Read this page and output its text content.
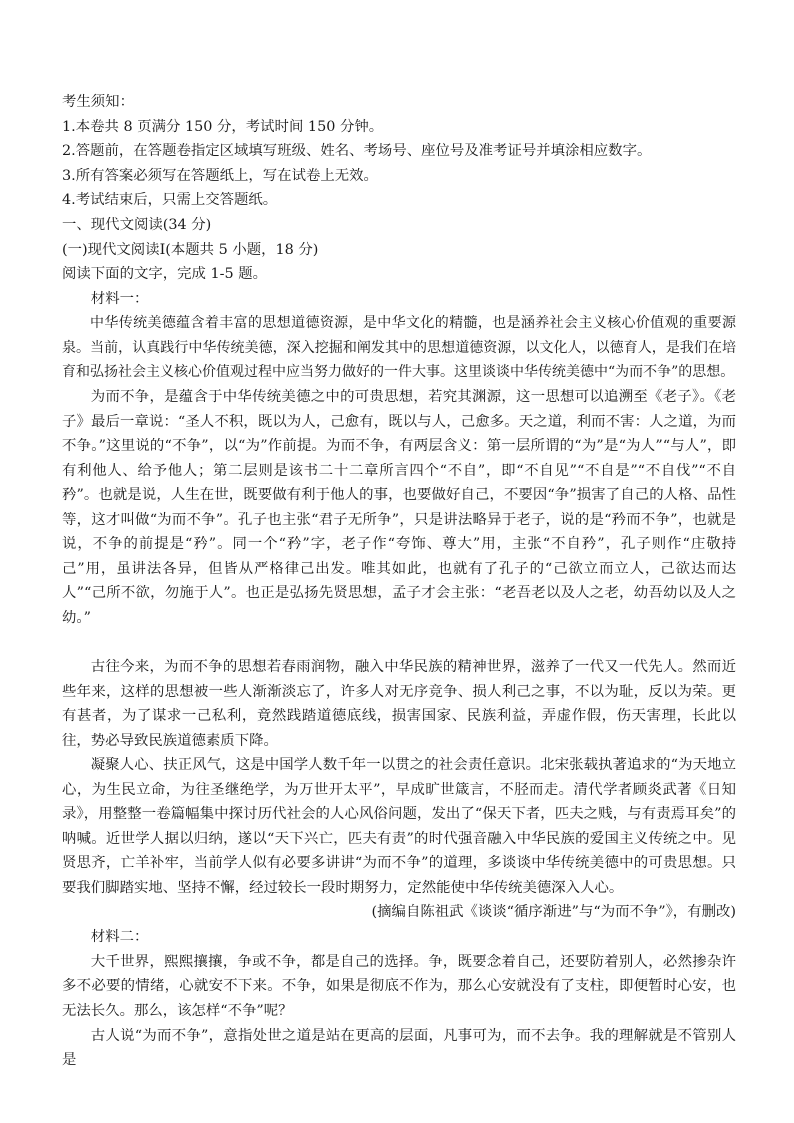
考生须知：

1.本卷共 8 页满分 150 分，考试时间 150 分钟。

2.答题前，在答题卷指定区域填写班级、姓名、考场号、座位号及准考证号并填涂相应数字。

3.所有答案必须写在答题纸上，写在试卷上无效。

4.考试结束后，只需上交答题纸。

一、现代文阅读(34 分)

(一)现代文阅读Ⅰ(本题共 5 小题，18 分)

阅读下面的文字，完成 1-5 题。

材料一：

中华传统美德蕴含着丰富的思想道德资源，是中华文化的精髓，也是涵养社会主义核心价值观的重要源泉。当前，认真践行中华传统美德，深入挖掘和阐发其中的思想道德资源，以文化人，以德育人，是我们在培育和弘扬社会主义核心价值观过程中应当努力做好的一件大事。这里谈谈中华传统美德中“为而不争”的思想。

为而不争，是蕴含于中华传统美德之中的可贵思想，若究其渊源，这一思想可以追溯至《老子》。《老子》最后一章说：“圣人不积，既以为人，己愈有，既以与人，己愈多。天之道，利而不害：人之道，为而不争。”这里说的“不争”，以“为”作前提。为而不争，有两层含义：第一层所谓的“为”是“为人”“与人”，即有利他人、给予他人；第二层则是该书二十二章所言四个“不自”，即“不自见”“不自是”“不自伐”“不自矜”。也就是说，人生在世，既要做有利于他人的事，也要做好自己，不要因“争”损害了自己的人格、品性等，这才叫做“为而不争”。孔子也主张“君子无所争”，只是讲法略异于老子，说的是“矜而不争”，也就是说，不争的前提是“矜”。同一个“矜”字，老子作“夸饰、尊大”用，主张“不自矜”，孔子则作“庄敬持己”用，虽讲法各异，但皆从严格律己出发。唯其如此，也就有了孔子的“己欲立而立人，己欲达而达人”“己所不欲，勿施于人”。也正是弘扬先贤思想，孟子才会主张：“老吾老以及人之老，幼吾幼以及人之幼。”

古往今来，为而不争的思想若春雨润物，融入中华民族的精神世界，滋养了一代又一代先人。然而近些年来，这样的思想被一些人渐渐淡忘了，许多人对无序竞争、损人利己之事，不以为耻，反以为荣。更有甚者，为了谋求一己私利，竟然践踏道德底线，损害国家、民族利益，弄虚作假，伤天害理，长此以往，势必导致民族道德素质下降。

凝聚人心、扶正风气，这是中国学人数千年一以贯之的社会责任意识。北宋张载执著追求的“为天地立心，为生民立命，为往圣继绝学，为万世开太平”，早成旷世箴言，不胫而走。清代学者顾炎武著《日知录》，用整整一卷篇幅集中探讨历代社会的人心风俗问题，发出了“保天下者，匹夫之贱，与有责焉耳矣”的呐喊。近世学人据以归纳，遂以“天下兴亡，匹夫有责”的时代强音融入中华民族的爱国主义传统之中。见贤思齐，亡羊补牢，当前学人似有必要多讲讲“为而不争”的道理，多谈谈中华传统美德中的可贵思想。只要我们脚踏实地、坚持不懈，经过较长一段时期努力，定然能使中华传统美德深入人心。

(摘编自陈祖武《谈谈“循序渐进”与“为而不争”》，有删改)

材料二：

大千世界，熙熙攘攘，争或不争，都是自己的选择。争，既要念着自己，还要防着别人，必然掺杂许多不必要的情绪，心就安不下来。不争，如果是彻底不作为，那么心安就没有了支柱，即便暂时心安，也无法长久。那么，该怎样“不争”呢？

古人说“为而不争”，意指处世之道是站在更高的层面，凡事可为，而不去争。我的理解就是不管别人是
